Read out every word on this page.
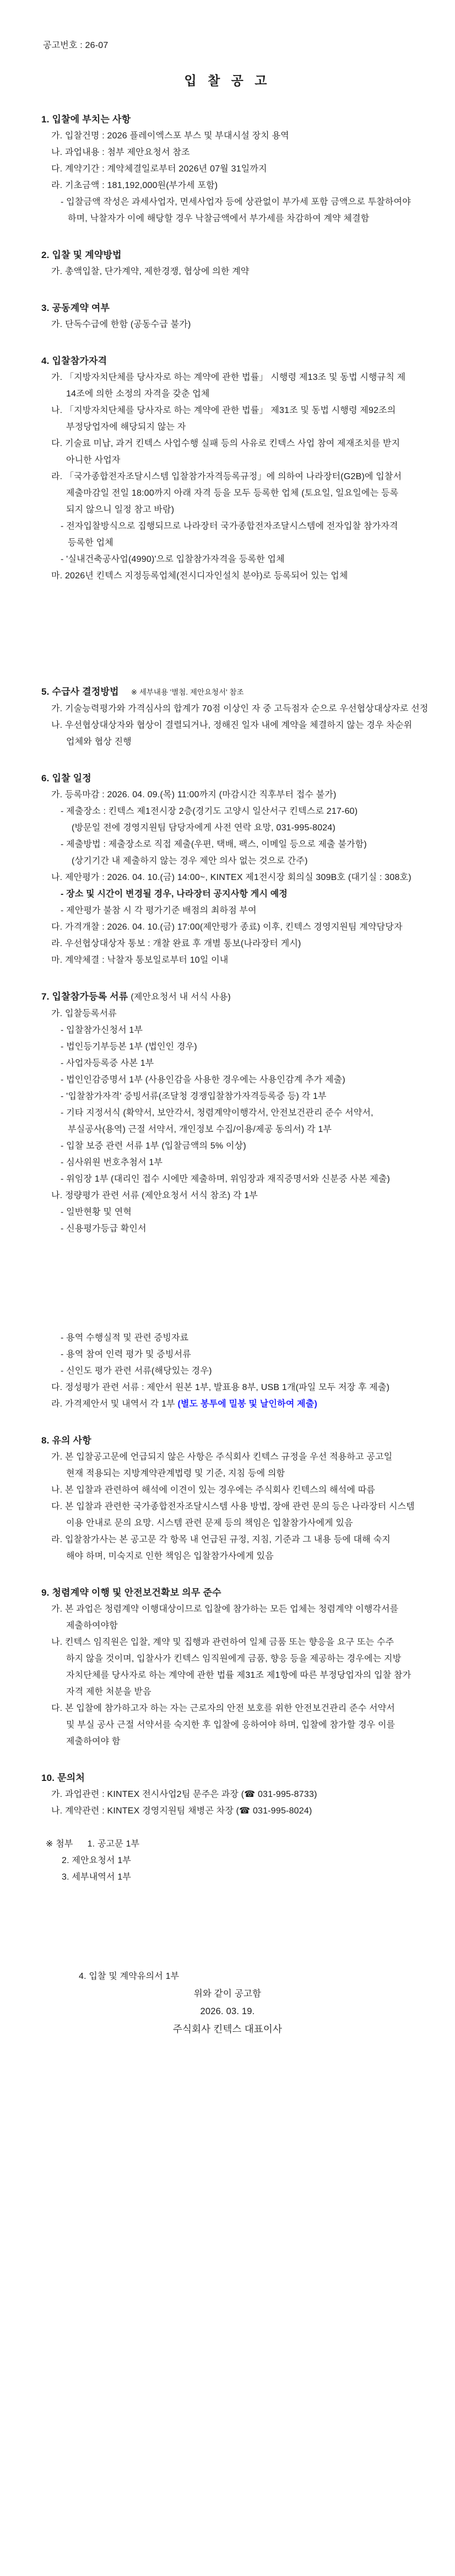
공고번호 : 26-07

입 찰 공 고

1. 입찰에 부치는 사항

가. 입찰건명 : 2026 플레이엑스포 부스 및 부대시설 장치 용역

나. 과업내용 : 첨부 제안요청서 참조

다. 계약기간 : 계약체결일로부터 2026년 07월 31일까지

라. 기초금액 : 181,192,000원(부가세 포함)

- 입찰금액 작성은 과세사업자, 면세사업자 등에 상관없이 부가세 포함 금액으로 투찰하여야

하며, 낙찰자가 이에 해당할 경우 낙찰금액에서 부가세를 차감하여 계약 체결함

2. 입찰 및 계약방법

가. 총액입찰, 단가계약, 제한경쟁, 협상에 의한 계약

3. 공동계약 여부

가. 단독수급에 한함 (공동수급 불가)

4. 입찰참가자격

가. 「지방자치단체를 당사자로 하는 계약에 관한 법률」 시행령 제13조 및 동법 시행규칙 제

14조에 의한 소정의 자격을 갖춘 업체

나. 「지방자치단체를 당사자로 하는 계약에 관한 법률」 제31조 및 동법 시행령 제92조의

부정당업자에 해당되지 않는 자

다. 기술료 미납, 과거 킨텍스 사업수행 실패 등의 사유로 킨텍스 사업 참여 제재조치를 받지

아니한 사업자

라. 「국가종합전자조달시스템 입찰참가자격등록규정」에 의하여 나라장터(G2B)에 입찰서

제출마감일 전일 18:00까지 아래 자격 등을 모두 등록한 업체 (토요일, 일요일에는 등록

되지 않으니 일정 참고 바람)

- 전자입찰방식으로 집행되므로 나라장터 국가종합전자조달시스템에 전자입찰 참가자격

등록한 업체

- '실내건축공사업(4990)'으로 입찰참가자격을 등록한 업체

마. 2026년 킨텍스 지정등록업체(전시디자인설치 분야)로 등록되어 있는 업체

5. 수급사 결정방법 ※ 세부내용 '별첨. 제안요청서' 참조

가. 기술능력평가와 가격심사의 합계가 70점 이상인 자 중 고득점자 순으로 우선협상대상자로 선정

나. 우선협상대상자와 협상이 결렬되거나, 정해진 일자 내에 계약을 체결하지 않는 경우 차순위

업체와 협상 진행

6. 입찰 일정

가. 등록마감 : 2026. 04. 09.(목) 11:00까지 (마감시간 직후부터 접수 불가)

- 제출장소 : 킨텍스 제1전시장 2층(경기도 고양시 일산서구 킨텍스로 217-60)

(방문일 전에 경영지원팀 담당자에게 사전 연락 요망, 031-995-8024)

- 제출방법 : 제출장소로 직접 제출(우편, 택배, 팩스, 이메일 등으로 제출 불가함)

(상기기간 내 제출하지 않는 경우 제안 의사 없는 것으로 간주)

나. 제안평가 : 2026. 04. 10.(금) 14:00~, KINTEX 제1전시장 회의실 309B호 (대기실 : 308호)

- 장소 및 시간이 변경될 경우, 나라장터 공지사항 게시 예정

- 제안평가 불참 시 각 평가기준 배점의 최하점 부여

다. 가격개찰 : 2026. 04. 10.(금) 17:00(제안평가 종료) 이후, 킨텍스 경영지원팀 계약담당자

라. 우선협상대상자 통보 : 개찰 완료 후 개별 통보(나라장터 게시)

마. 계약체결 : 낙찰자 통보일로부터 10일 이내

7. 입찰참가등록 서류 (제안요청서 내 서식 사용)

가. 입찰등록서류

- 입찰참가신청서 1부

- 법인등기부등본 1부 (법인인 경우)

- 사업자등록증 사본 1부

- 법인인감증명서 1부 (사용인감을 사용한 경우에는 사용인감계 추가 제출)

- '입찰참가자격' 증빙서류(조달청 경쟁입찰참가자격등록증 등) 각 1부

- 기타 지정서식 (확약서, 보안각서, 청렴계약이행각서, 안전보건관리 준수 서약서,

부실공사(용역) 근절 서약서, 개인정보 수집/이용/제공 동의서) 각 1부

- 입찰 보증 관련 서류 1부 (입찰금액의 5% 이상)

- 심사위원 번호추첨서 1부

- 위임장 1부 (대리인 접수 시에만 제출하며, 위임장과 재직증명서와 신분증 사본 제출)

나. 정량평가 관련 서류 (제안요청서 서식 참조) 각 1부

- 일반현황 및 연혁

- 신용평가등급 확인서

- 용역 수행실적 및 관련 증빙자료

- 용역 참여 인력 평가 및 증빙서류

- 신인도 평가 관련 서류(해당있는 경우)

다. 정성평가 관련 서류 : 제안서 원본 1부, 발표용 8부, USB 1개(파일 모두 저장 후 제출)

라. 가격제안서 및 내역서 각 1부 (별도 봉투에 밀봉 및 날인하여 제출)

8. 유의 사항

가. 본 입찰공고문에 언급되지 않은 사항은 주식회사 킨텍스 규정을 우선 적용하고 공고일

현재 적용되는 지방계약관계법령 및 기준, 지침 등에 의함

나. 본 입찰과 관련하여 해석에 이견이 있는 경우에는 주식회사 킨텍스의 해석에 따름

다. 본 입찰과 관련한 국가종합전자조달시스템 사용 방법, 장애 관련 문의 등은 나라장터 시스템

이용 안내로 문의 요망. 시스템 관련 문제 등의 책임은 입찰참가사에게 있음

라. 입찰참가사는 본 공고문 각 항목 내 언급된 규정, 지침, 기준과 그 내용 등에 대해 숙지

해야 하며, 미숙지로 인한 책임은 입찰참가사에게 있음

9. 청렴계약 이행 및 안전보건확보 의무 준수

가. 본 과업은 청렴계약 이행대상이므로 입찰에 참가하는 모든 업체는 청렴계약 이행각서를

제출하여야함

나. 킨텍스 임직원은 입찰, 계약 및 집행과 관련하여 일체 금품 또는 향응을 요구 또는 수주

하지 않을 것이며, 입찰사가 킨텍스 임직원에게 금품, 향응 등을 제공하는 경우에는 지방

자치단체를 당사자로 하는 계약에 관한 법률 제31조 제1항에 따른 부정당업자의 입찰 참가

자격 제한 처분을 받음

다. 본 입찰에 참가하고자 하는 자는 근로자의 안전 보호를 위한 안전보건관리 준수 서약서

및 부실 공사 근절 서약서를 숙지한 후 입찰에 응하여야 하며, 입찰에 참가할 경우 이를

제출하여야 함

10. 문의처

가. 과업관련 : KINTEX 전시사업2팀 문주은 과장 (☎ 031-995-8733)

나. 계약관련 : KINTEX 경영지원팀 채병곤 차장 (☎ 031-995-8024)

※ 첨부 1. 공고문 1부

2. 제안요청서 1부

3. 세부내역서 1부

4. 입찰 및 계약유의서 1부

위와 같이 공고함

2026. 03. 19.

주식회사 킨텍스 대표이사
